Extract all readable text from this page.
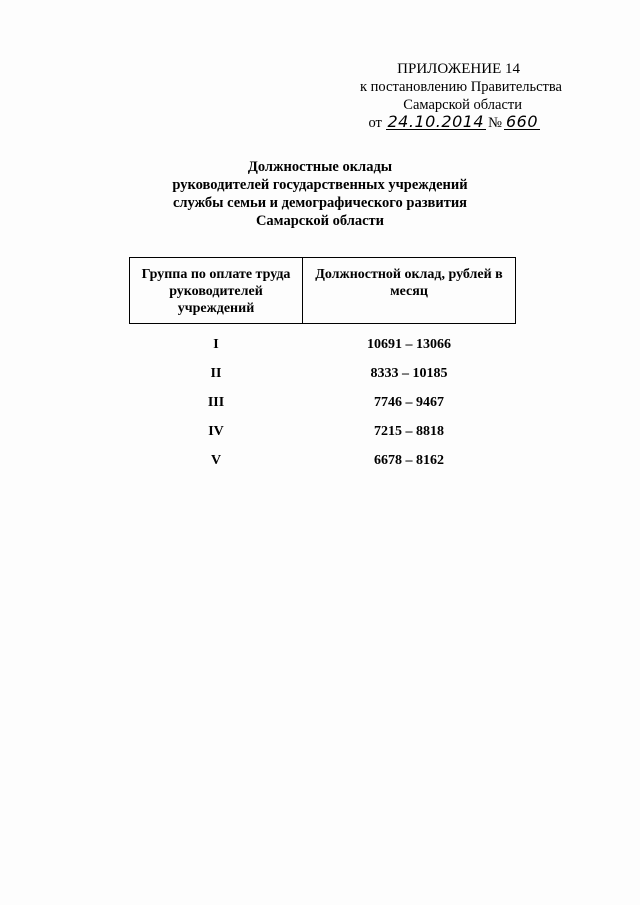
ПРИЛОЖЕНИЕ 14
к постановлению Правительства
Самарской области
от
24.10.2014 № 660
Должностные оклады
руководителей государственных учреждений
службы семьи и демографического развития
Самарской области
Группа по оплате труда руководителей учреждений	Должностной оклад, рублей в месяц
I	10691 – 13066
II	8333 – 10185
III	7746 – 9467
IV	7215 – 8818
V	6678 – 8162
